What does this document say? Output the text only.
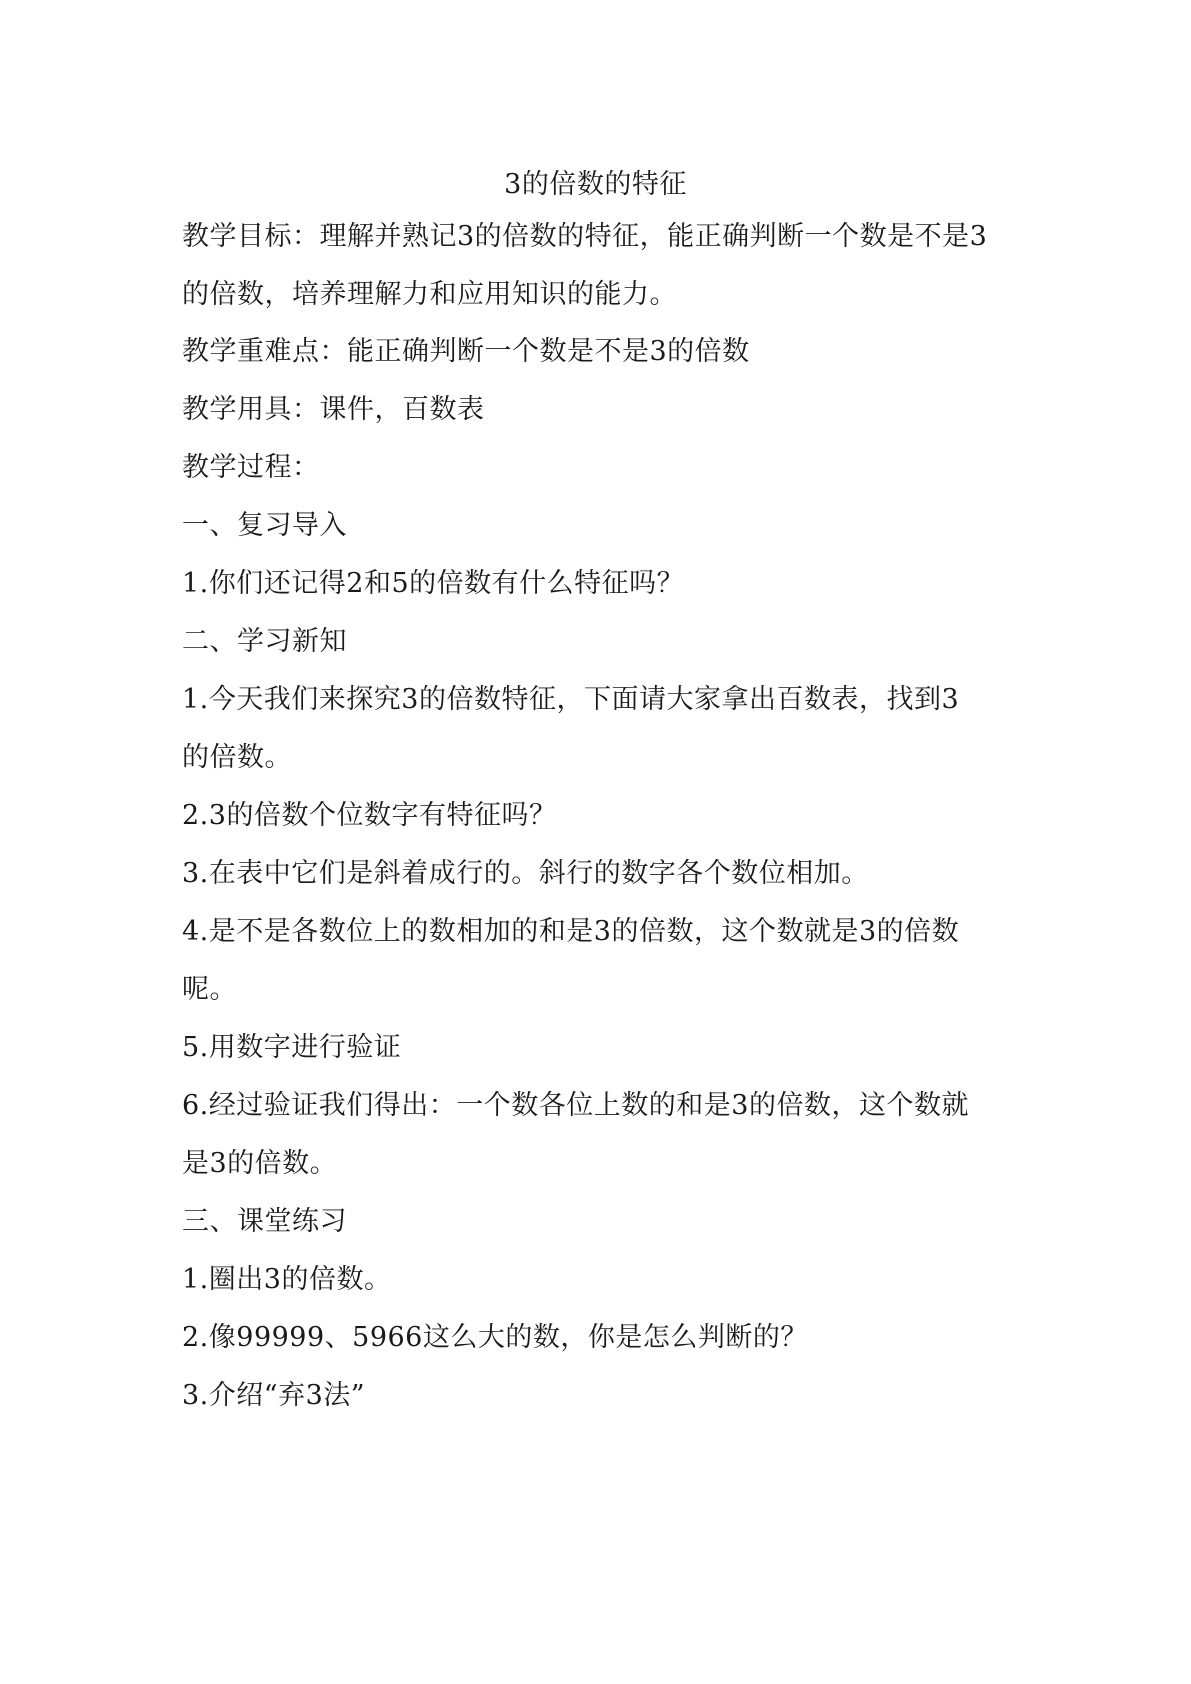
3的倍数的特征
教学目标：理解并熟记3的倍数的特征，能正确判断一个数是不是3
的倍数，培养理解力和应用知识的能力。
教学重难点：能正确判断一个数是不是3的倍数
教学用具：课件，百数表
教学过程：
一、复习导入
1.你们还记得2和5的倍数有什么特征吗？
二、学习新知
1.今天我们来探究3的倍数特征，下面请大家拿出百数表，找到3
的倍数。
2.3的倍数个位数字有特征吗？
3.在表中它们是斜着成行的。斜行的数字各个数位相加。
4.是不是各数位上的数相加的和是3的倍数，这个数就是3的倍数
呢。
5.用数字进行验证
6.经过验证我们得出：一个数各位上数的和是3的倍数，这个数就
是3的倍数。
三、课堂练习
1.圈出3的倍数。
2.像99999、5966这么大的数，你是怎么判断的？
3.介绍“弃3法”
